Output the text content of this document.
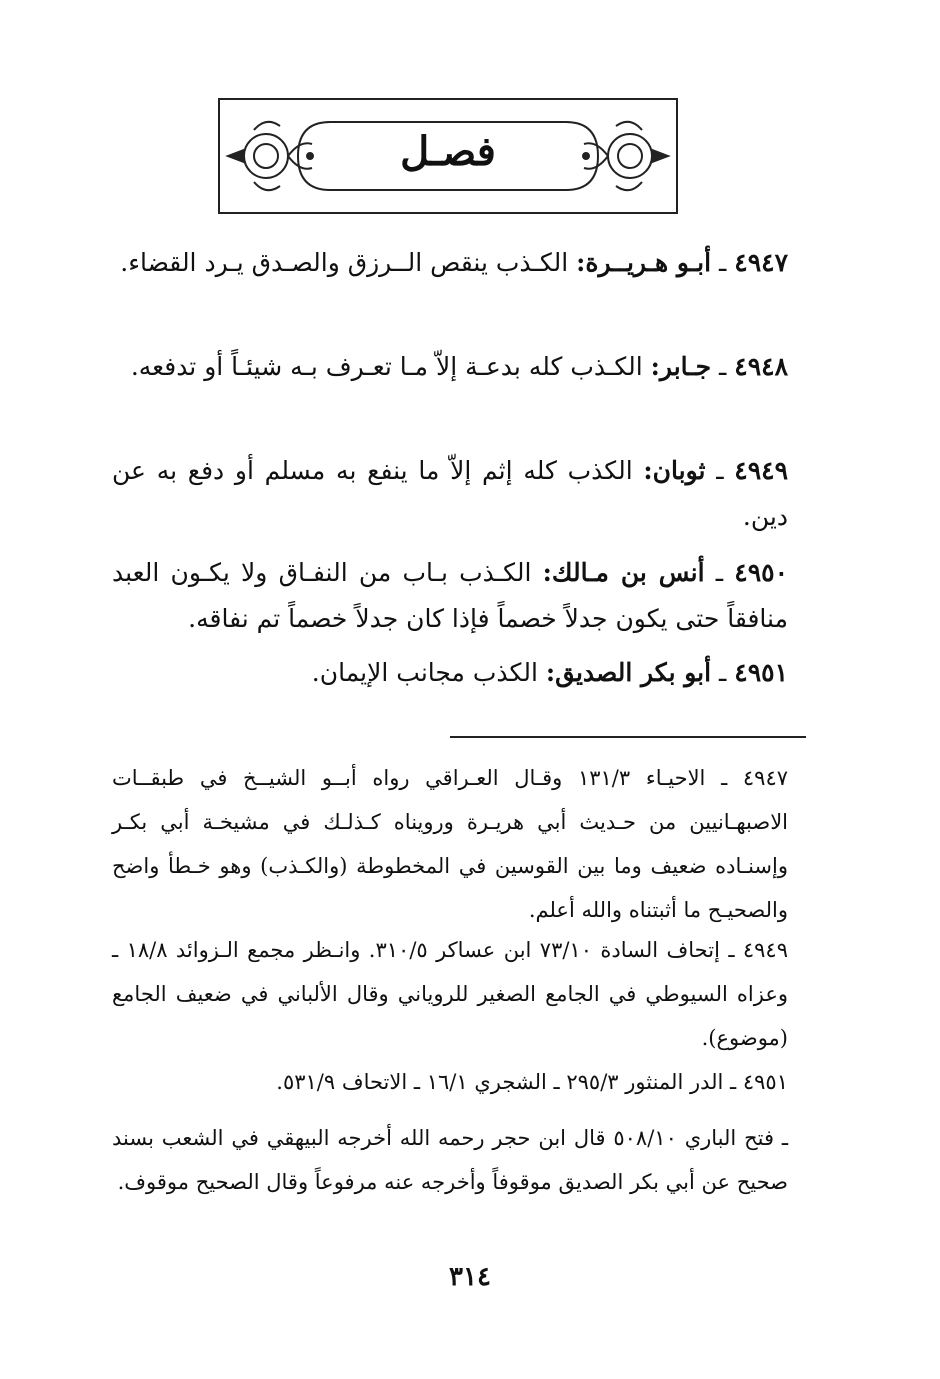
فصـل
٤٩٤٧ ـ أبـو هـريــرة: الكـذب ينقص الــرزق والصـدق يـرد القضاء.
٤٩٤٨ ـ جـابر: الكـذب كله بدعـة إلاّ مـا تعـرف بـه شيئـاً أو تدفعه.
٤٩٤٩ ـ ثوبان: الكذب كله إثم إلاّ ما ينفع به مسلم أو دفع به عن دين.
٤٩٥٠ ـ أنس بن مـالك: الكـذب بـاب من النفـاق ولا يكـون العبد منافقاً حتى يكون جدلاً خصماً فإذا كان جدلاً خصماً تم نفاقه.
٤٩٥١ ـ أبو بكر الصديق: الكذب مجانب الإيمان.
٤٩٤٧ ـ الاحيـاء ١٣١/٣ وقـال العـراقي رواه أبــو الشيــخ في طبقــات الاصبهـانيين من حـديث أبي هريـرة ورويناه كـذلـك في مشيخـة أبي بكـر وإسنـاده ضعيف وما بين القوسين في المخطوطة (والكـذب) وهو خـطأ واضح والصحيـح ما أثبتناه والله أعلم.
٤٩٤٩ ـ إتحاف السادة ٧٣/١٠ ابن عساكر ٣١٠/٥. وانـظر مجمع الـزوائد ١٨/٨ ـ وعزاه السيوطي في الجامع الصغير للروياني وقال الألباني في ضعيف الجامع (موضوع).
٤٩٥١ ـ الدر المنثور ٢٩٥/٣ ـ الشجري ١٦/١ ـ الاتحاف ٥٣١/٩.
ـ فتح الباري ٥٠٨/١٠ قال ابن حجر رحمه الله أخرجه البيهقي في الشعب بسند صحيح عن أبي بكر الصديق موقوفاً وأخرجه عنه مرفوعاً وقال الصحيح موقوف.
٣١٤
